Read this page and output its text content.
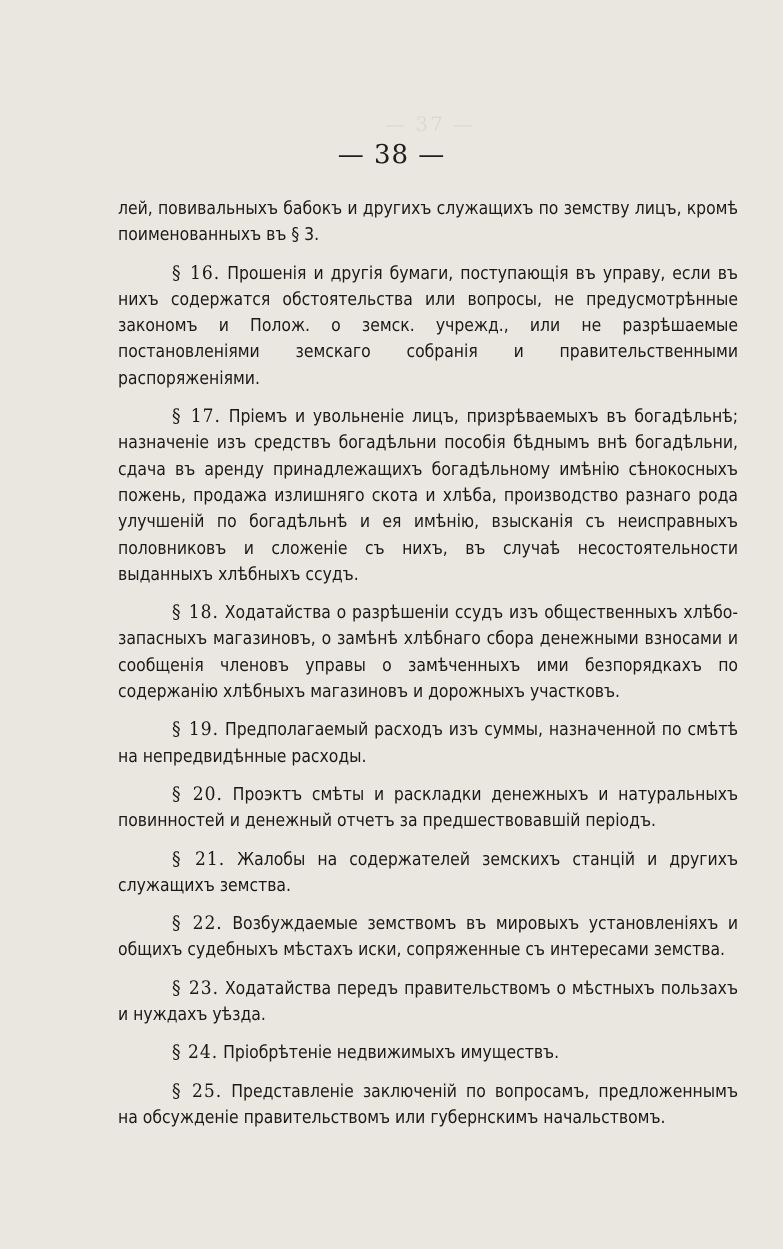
— 37 —
— 38 —

лей, повивальныхъ бабокъ и другихъ служащихъ по земству лицъ, кромѣ поименованныхъ въ § 3.

§ 16. Прошенія и другія бумаги, поступающія въ управу, если въ нихъ содержатся обстоятельства или вопросы, не предусмотрѣнные закономъ и Полож. о земск. учрежд., или не разрѣшаемые постановленіями земскаго собранія и правительственными распоряженіями.

§ 17. Пріемъ и увольненіе лицъ, призрѣваемыхъ въ богадѣльнѣ; назначеніе изъ средствъ богадѣльни пособія бѣднымъ внѣ богадѣльни, сдача въ аренду принадлежащихъ богадѣльному имѣнію сѣнокосныхъ пожень, продажа излишняго скота и хлѣба, производство разнаго рода улучшеній по богадѣльнѣ и ея имѣнію, взысканія съ неисправныхъ половниковъ и сложеніе съ нихъ, въ случаѣ несостоятельности выданныхъ хлѣбныхъ ссудъ.

§ 18. Ходатайства о разрѣшеніи ссудъ изъ общественныхъ хлѣбо-запасныхъ магазиновъ, о замѣнѣ хлѣбнаго сбора денежными взносами и сообщенія членовъ управы о замѣченныхъ ими безпорядкахъ по содержанію хлѣбныхъ магазиновъ и дорожныхъ участковъ.

§ 19. Предполагаемый расходъ изъ суммы, назначенной по смѣтѣ на непредвидѣнные расходы.

§ 20. Проэктъ смѣты и раскладки денежныхъ и натуральныхъ повинностей и денежный отчетъ за предшествовавшій періодъ.

§ 21. Жалобы на содержателей земскихъ станцій и другихъ служащихъ земства.

§ 22. Возбуждаемые земствомъ въ мировыхъ установленіяхъ и общихъ судебныхъ мѣстахъ иски, сопряженные съ интересами земства.

§ 23. Ходатайства передъ правительствомъ о мѣстныхъ пользахъ и нуждахъ уѣзда.

§ 24. Пріобрѣтеніе недвижимыхъ имуществъ.

§ 25. Представленіе заключеній по вопросамъ, предложеннымъ на обсужденіе правительствомъ или губернскимъ начальствомъ.
